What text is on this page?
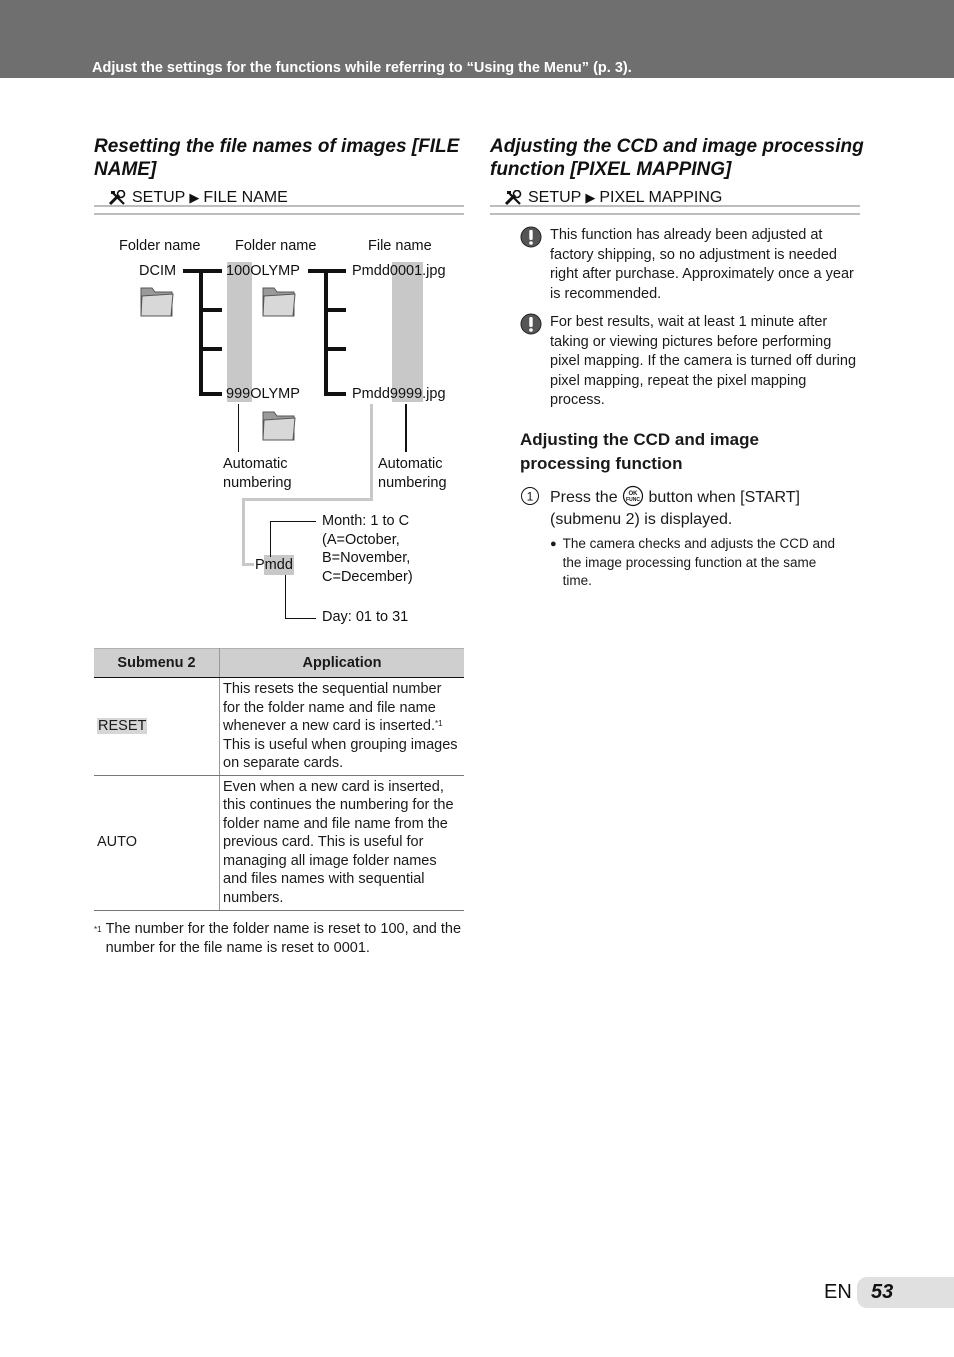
Adjust the settings for the functions while referring to “Using the Menu” (p. 3).
Resetting the file names of images [FILE NAME]
SETUP ▶ FILE NAME
Folder name Folder name	File name
DCIM	100OLYMP	Pmdd0001.jpg
999OLYMP	Pmdd9999.jpg
Automatic numbering
Automatic numbering
Pmdd
Month: 1 to C (A=October, B=November, C=December)
Day: 01 to 31
Submenu 2	Application
RESET	This resets the sequential number for the folder name and file name whenever a new card is inserted.$^{*1}$ This is useful when grouping images on separate cards.
AUTO	Even when a new card is inserted, this continues the numbering for the folder name and file name from the previous card. This is useful for managing all image folder names and files names with sequential numbers.
*1 The number for the folder name is reset to 100, and the number for the file name is reset to 0001.
Adjusting the CCD and image processing function [PIXEL MAPPING]
SETUP ▶ PIXEL MAPPING
This function has already been adjusted at factory shipping, so no adjustment is needed right after purchase. Approximately once a year is recommended.
For best results, wait at least 1 minute after taking or viewing pictures before performing pixel mapping. If the camera is turned off during pixel mapping, repeat the pixel mapping process.
Adjusting the CCD and image processing function
1 Press the OK
FUNC button when [START] (submenu 2) is displayed.
● The camera checks and adjusts the CCD and the image processing function at the same time.
EN 53
